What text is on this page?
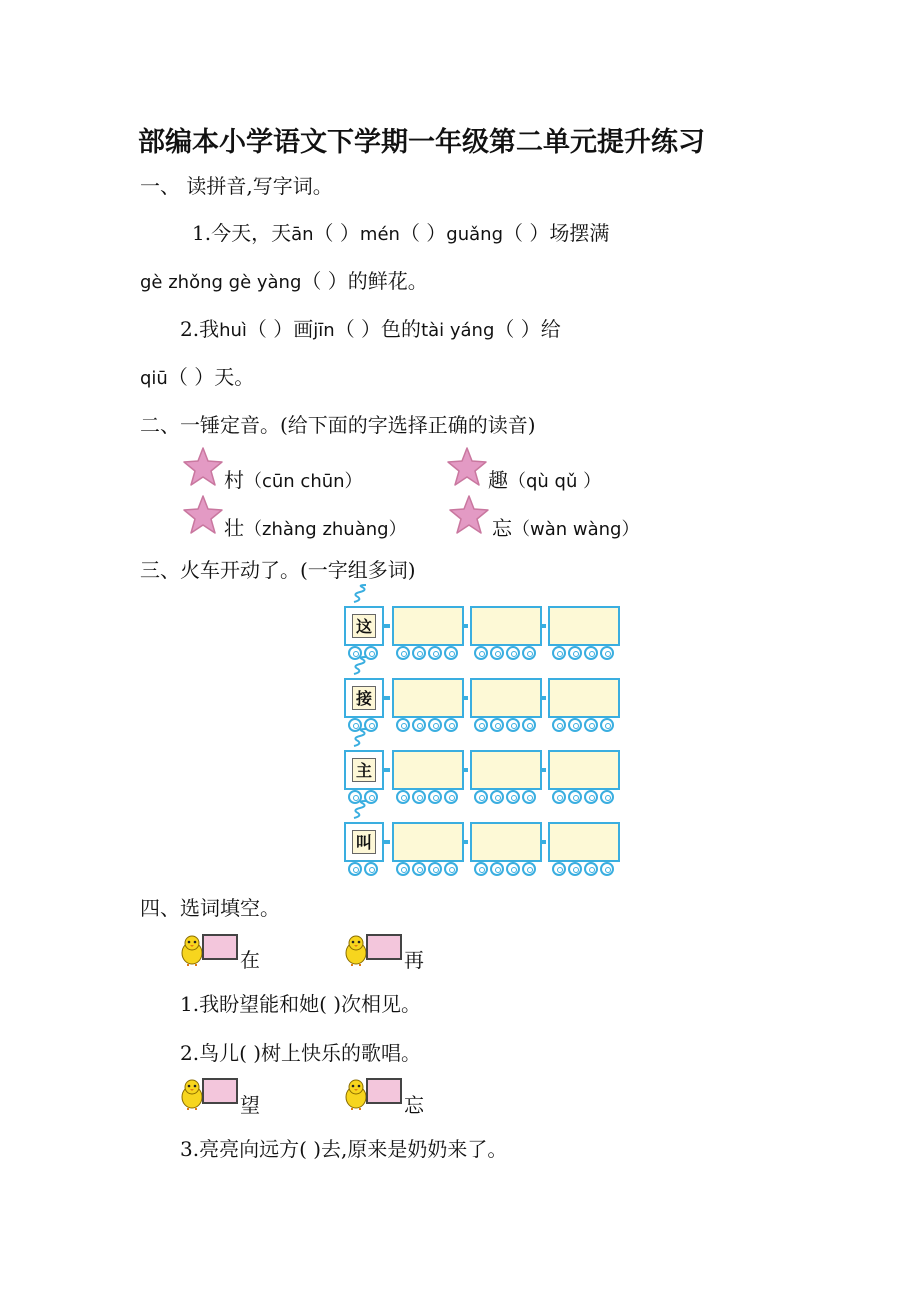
部编本小学语文下学期一年级第二单元提升练习
一、 读拼音,写字词。
1.今天，天ān（ ）mén（ ）guǎng（ ）场摆满
gè zhǒng gè yàng（ ）的鲜花。
2.我huì（ ）画jīn（ ）色的tài yáng（ ）给
qiū（ ）天。
二、一锤定音。(给下面的字选择正确的读音)
村（cūn chūn）	趣（qù qǔ ）
壮（zhàng zhuàng）	忘（wàn wàng）
三、火车开动了。(一字组多词)
这
接
主
叫
四、选词填空。
在	再
1.我盼望能和她( )次相见。
2.鸟儿( )树上快乐的歌唱。
望	忘
3.亮亮向远方( )去,原来是奶奶来了。
